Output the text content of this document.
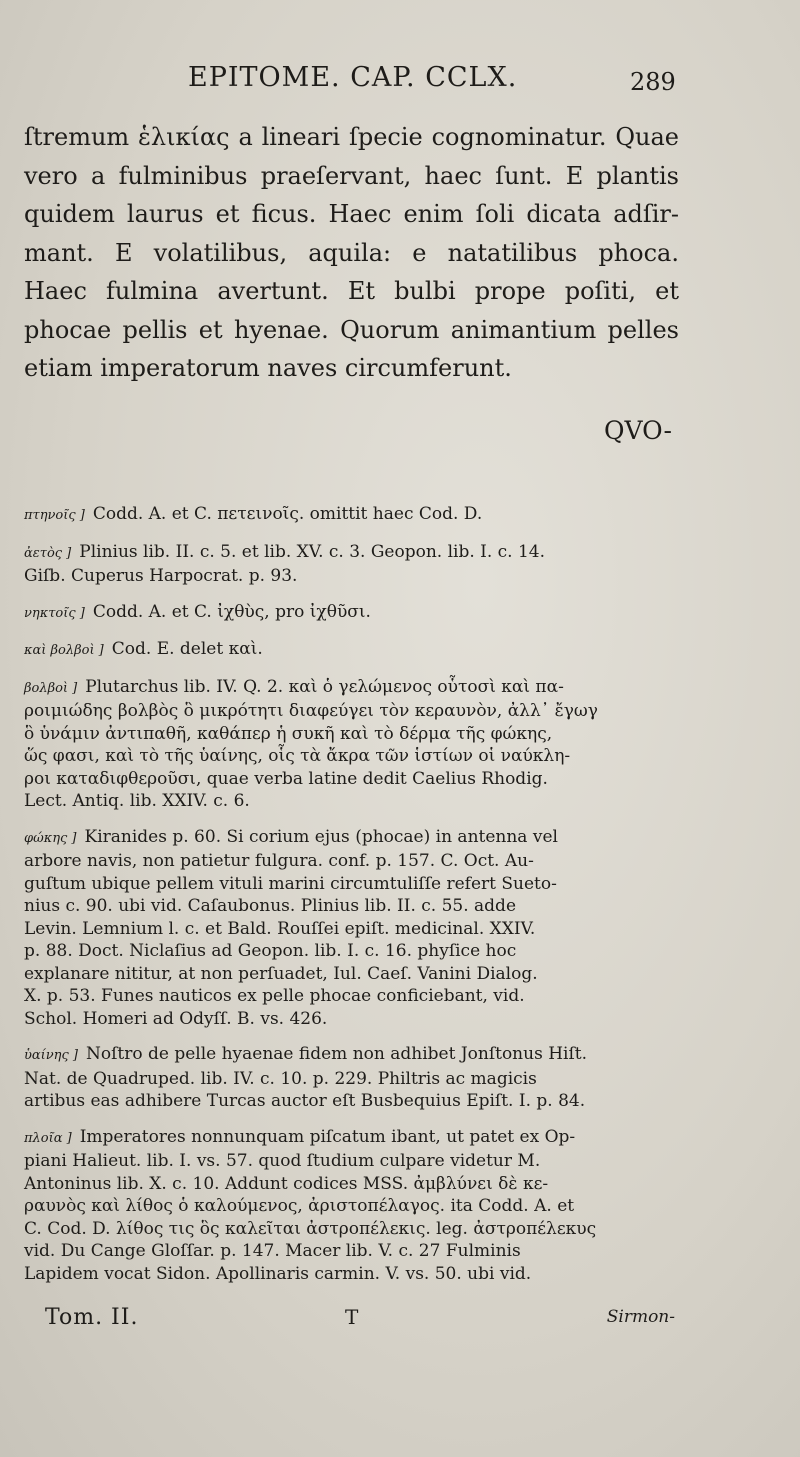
EPITOME. CAP. CCLX.	289
ſtremum ἑλικίας a lineari ſpecie cognominatur. Quae
vero a fulminibus praeſervant, haec ſunt. E plantis
quidem laurus et ficus. Haec enim ſoli dicata adſir-
mant. E volatilibus, aquila: e natatilibus phoca.
Haec fulmina avertunt. Et bulbi prope poſiti, et
phocae pellis et hyenae. Quorum animantium pelles
etiam imperatorum naves circumferunt.
QVO-
πτηνοῖς ] Codd. A. et C. πετεινοῖς. omittit haec Cod. D.
ἀετὸς ] Plinius lib. II. c. 5. et lib. XV. c. 3. Geopon. lib. I. c. 14.
Giſb. Cuperus Harpocrat. p. 93.
νηκτοῖς ] Codd. A. et C. ἰχθὺς, pro ἰχθῦσι.
καὶ βολβοὶ ] Cod. E. delet καὶ.
βολβοὶ ] Plutarchus lib. IV. Q. 2. καὶ ὁ γελώμενος οὗτοσὶ καὶ πα-
ροιμιώδης βολβὸς ὃ μικρότητι διαφεύγει τὸν κεραυνὸν, ἀλλ᾽ ἔγωγ
ὃ ὑνάμιν ἀντιπαθῆ, καθάπερ ἡ συκῆ καὶ τὸ δέρμα τῆς φώκης,
ὥς φασι, καὶ τὸ τῆς ὑαίνης, οἷς τὰ ἄκρα τῶν ἱστίων οἱ ναύκλη-
ροι καταδιφθεροῦσι, quae verba latine dedit Caelius Rhodig.
Lect. Antiq. lib. XXIV. c. 6.
φώκης ] Kiranides p. 60. Si corium ejus (phocae) in antenna vel
arbore navis, non patietur fulgura. conf. p. 157. C. Oct. Au-
guſtum ubique pellem vituli marini circumtuliſſe refert Sueto-
nius c. 90. ubi vid. Caſaubonus. Plinius lib. II. c. 55. adde
Levin. Lemnium l. c. et Bald. Rouſſei epiſt. medicinal. XXIV.
p. 88. Doct. Niclaſius ad Geopon. lib. I. c. 16. phyſice hoc
explanare nititur, at non perſuadet, Iul. Caeſ. Vanini Dialog.
X. p. 53. Funes nauticos ex pelle phocae conficiebant, vid.
Schol. Homeri ad Odyſſ. B. vs. 426.
ὑαίνης ] Noſtro de pelle hyaenae fidem non adhibet Jonſtonus Hiſt.
Nat. de Quadruped. lib. IV. c. 10. p. 229. Philtris ac magicis
artibus eas adhibere Turcas auctor eſt Busbequius Epiſt. I. p. 84.
πλοῖα ] Imperatores nonnunquam piſcatum ibant, ut patet ex Op-
piani Halieut. lib. I. vs. 57. quod ſtudium culpare videtur M.
Antoninus lib. X. c. 10. Addunt codices MSS. ἀμβλύνει δὲ κε-
ραυνὸς καὶ λίθος ὁ καλούμενος, ἀριστοπέλαγος. ita Codd. A. et
C. Cod. D. λίθος τις ὃς καλεῖται ἀστροπέλεκις. leg. ἀστροπέλεκυς
vid. Du Cange Gloſſar. p. 147. Macer lib. V. c. 27 Fulminis
Lapidem vocat Sidon. Apollinaris carmin. V. vs. 50. ubi vid.
Tom. II.	T	Sirmon-
